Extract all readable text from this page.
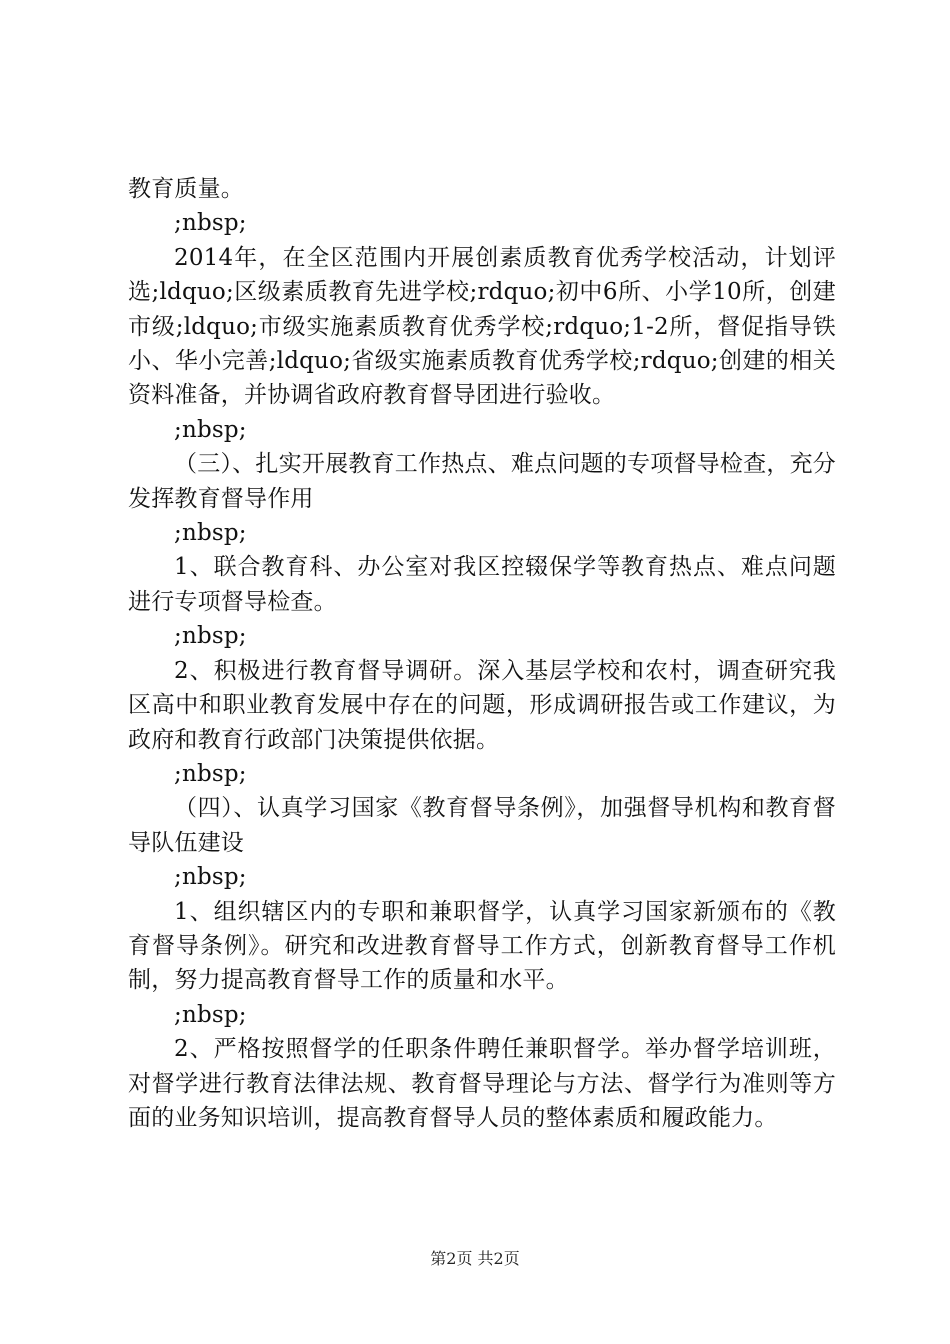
教育质量。

;nbsp;

2014年，在全区范围内开展创素质教育优秀学校活动，计划评选;ldquo;区级素质教育先进学校;rdquo;初中6所、小学10所，创建市级;ldquo;市级实施素质教育优秀学校;rdquo;1-2所，督促指导铁小、华小完善;ldquo;省级实施素质教育优秀学校;rdquo;创建的相关资料准备，并协调省政府教育督导团进行验收。

;nbsp;

（三）、扎实开展教育工作热点、难点问题的专项督导检查，充分发挥教育督导作用

;nbsp;

1、联合教育科、办公室对我区控辍保学等教育热点、难点问题进行专项督导检查。

;nbsp;

2、积极进行教育督导调研。深入基层学校和农村，调查研究我区高中和职业教育发展中存在的问题，形成调研报告或工作建议，为政府和教育行政部门决策提供依据。

;nbsp;

（四）、认真学习国家《教育督导条例》，加强督导机构和教育督导队伍建设

;nbsp;

1、组织辖区内的专职和兼职督学，认真学习国家新颁布的《教育督导条例》。研究和改进教育督导工作方式，创新教育督导工作机制，努力提高教育督导工作的质量和水平。

;nbsp;

2、严格按照督学的任职条件聘任兼职督学。举办督学培训班，对督学进行教育法律法规、教育督导理论与方法、督学行为准则等方面的业务知识培训，提高教育督导人员的整体素质和履政能力。

第2页 共2页
